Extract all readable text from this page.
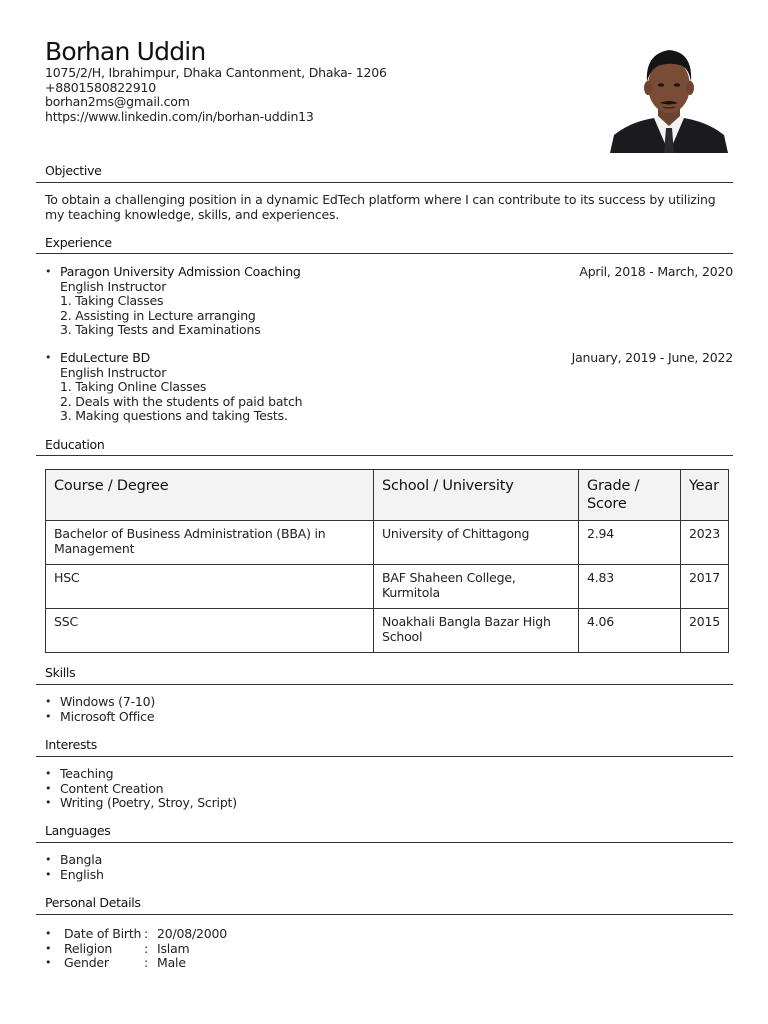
Borhan Uddin
1075/2/H, Ibrahimpur, Dhaka Cantonment, Dhaka- 1206
+8801580822910
borhan2ms@gmail.com
https://www.linkedin.com/in/borhan-uddin13
Objective
To obtain a challenging position in a dynamic EdTech platform where I can contribute to its success by utilizing my teaching knowledge, skills, and experiences.
Experience
• Paragon University Admission Coaching
English Instructor
1. Taking Classes
2. Assisting in Lecture arranging
3. Taking Tests and Examinations
April, 2018 - March, 2020
• EduLecture BD
English Instructor
1. Taking Online Classes
2. Deals with the students of paid batch
3. Making questions and taking Tests.
January, 2019 - June, 2022
Education
Course / Degree	School / University	Grade / Score	Year
Bachelor of Business Administration (BBA) in Management	University of Chittagong	2.94	2023
HSC	BAF Shaheen College, Kurmitola	4.83	2017
SSC	Noakhali Bangla Bazar High School	4.06	2015
Skills
• Windows (7-10)
• Microsoft Office
Interests
• Teaching
• Content Creation
• Writing (Poetry, Stroy, Script)
Languages
• Bangla
• English
Personal Details
• Date of Birth : 20/08/2000
• Religion	: Islam
• Gender	: Male
